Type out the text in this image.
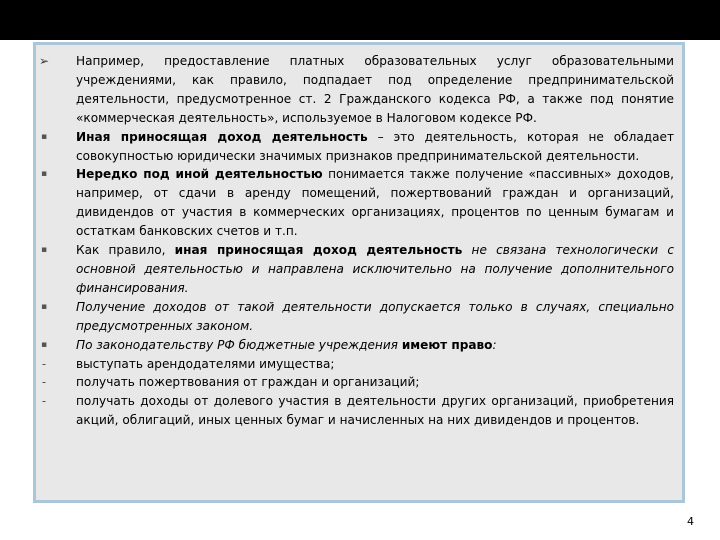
➢ Например, предоставление платных образовательных услуг образовательными учреждениями, как правило, подпадает под определение предпринимательской деятельности, предусмотренное ст. 2 Гражданского кодекса РФ, а также под понятие «коммерческая деятельность», используемое в Налоговом кодексе РФ.
▪ Иная приносящая доход деятельность – это деятельность, которая не обладает совокупностью юридически значимых признаков предпринимательской деятельности.
▪ Нередко под иной деятельностью понимается также получение «пассивных» доходов, например, от сдачи в аренду помещений, пожертвований граждан и организаций, дивидендов от участия в коммерческих организациях, процентов по ценным бумагам и остаткам банковских счетов и т.п.
▪ Как правило, иная приносящая доход деятельность не связана технологически с основной деятельностью и направлена исключительно на получение дополнительного финансирования.
▪ Получение доходов от такой деятельности допускается только в случаях, специально предусмотренных законом.
▪ По законодательству РФ бюджетные учреждения имеют право:
-	выступать арендодателями имущества;
-	получать пожертвования от граждан и организаций;
-	получать доходы от долевого участия в деятельности других организаций, приобретения акций, облигаций, иных ценных бумаг и начисленных на них дивидендов и процентов.
4
